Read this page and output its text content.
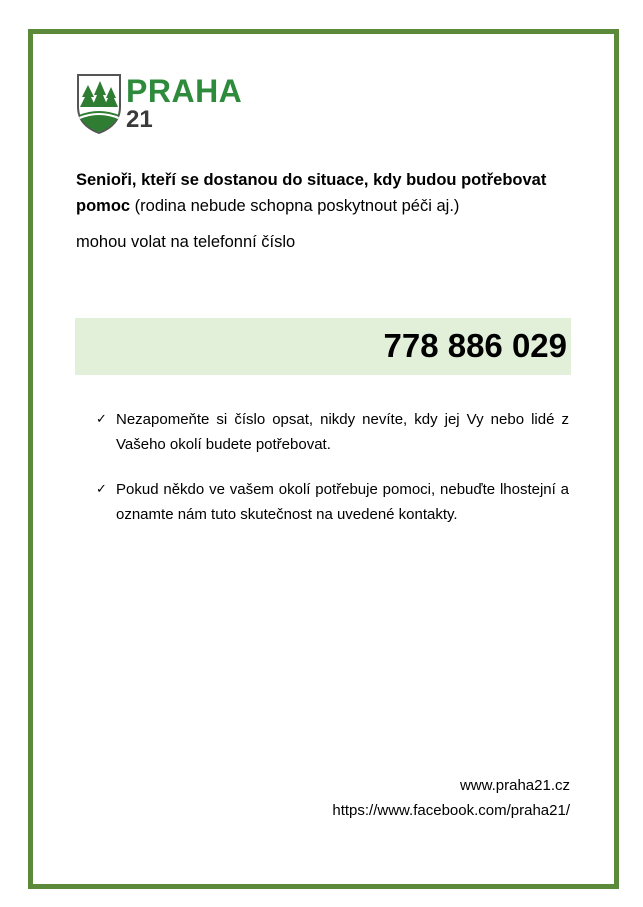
PRAHA
21
Senioři, kteří se dostanou do situace, kdy budou potřebovat pomoc (rodina nebude schopna poskytnout péči aj.)
mohou volat na telefonní číslo
778 886 029
✓ Nezapomeňte si číslo opsat, nikdy nevíte, kdy jej Vy nebo lidé z Vašeho okolí budete potřebovat.
✓ Pokud někdo ve vašem okolí potřebuje pomoci, nebuďte lhostejní a oznamte nám tuto skutečnost na uvedené kontakty.
www.praha21.cz
https://www.facebook.com/praha21/
